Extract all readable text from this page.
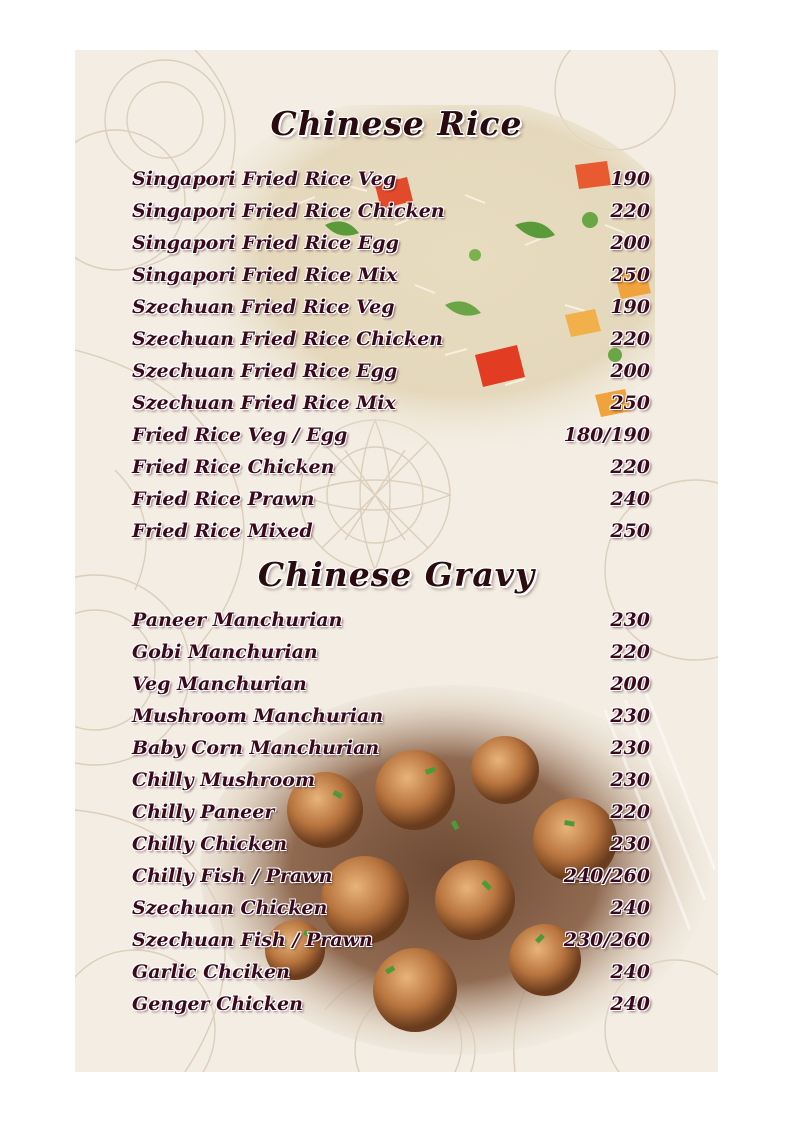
Chinese Rice
Singapori Fried Rice Veg	190
Singapori Fried Rice Chicken	220
Singapori Fried Rice Egg	200
Singapori Fried Rice Mix	250
Szechuan Fried Rice Veg	190
Szechuan Fried Rice Chicken	220
Szechuan Fried Rice Egg	200
Szechuan Fried Rice Mix	250
Fried Rice Veg / Egg	180/190
Fried Rice Chicken	220
Fried Rice Prawn	240
Fried Rice Mixed	250
Chinese Gravy
Paneer Manchurian	230
Gobi Manchurian	220
Veg Manchurian	200
Mushroom Manchurian	230
Baby Corn Manchurian	230
Chilly Mushroom	230
Chilly Paneer	220
Chilly Chicken	230
Chilly Fish / Prawn	240/260
Szechuan Chicken	240
Szechuan Fish / Prawn	230/260
Garlic Chciken	240
Genger Chicken	240
